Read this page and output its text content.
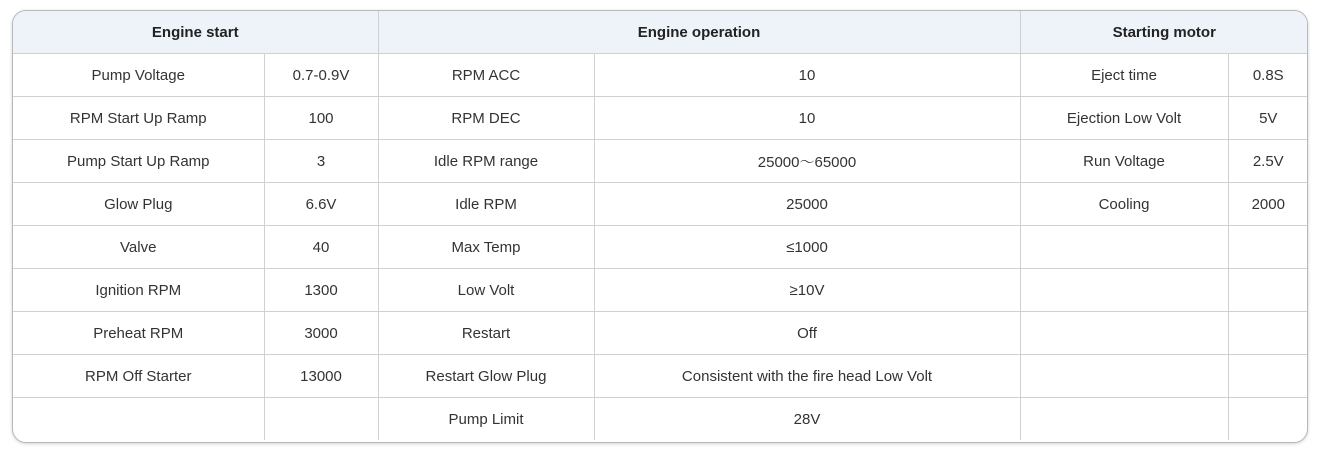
Engine start		Engine operation		Starting motor	
Pump Voltage	0.7-0.9V	RPM ACC	10	Eject time	0.8S
RPM Start Up Ramp	100	RPM DEC	10	Ejection Low Volt	5V
Pump Start Up Ramp	3	Idle RPM range	25000～65000	Run Voltage	2.5V
Glow Plug	6.6V	Idle RPM	25000	Cooling	2000
Valve	40	Max Temp	≤1000		
Ignition RPM	1300	Low Volt	≥10V		
Preheat RPM	3000	Restart	Off		
RPM Off Starter	13000	Restart Glow Plug	Consistent with the fire head Low Volt		
		Pump Limit	28V		
